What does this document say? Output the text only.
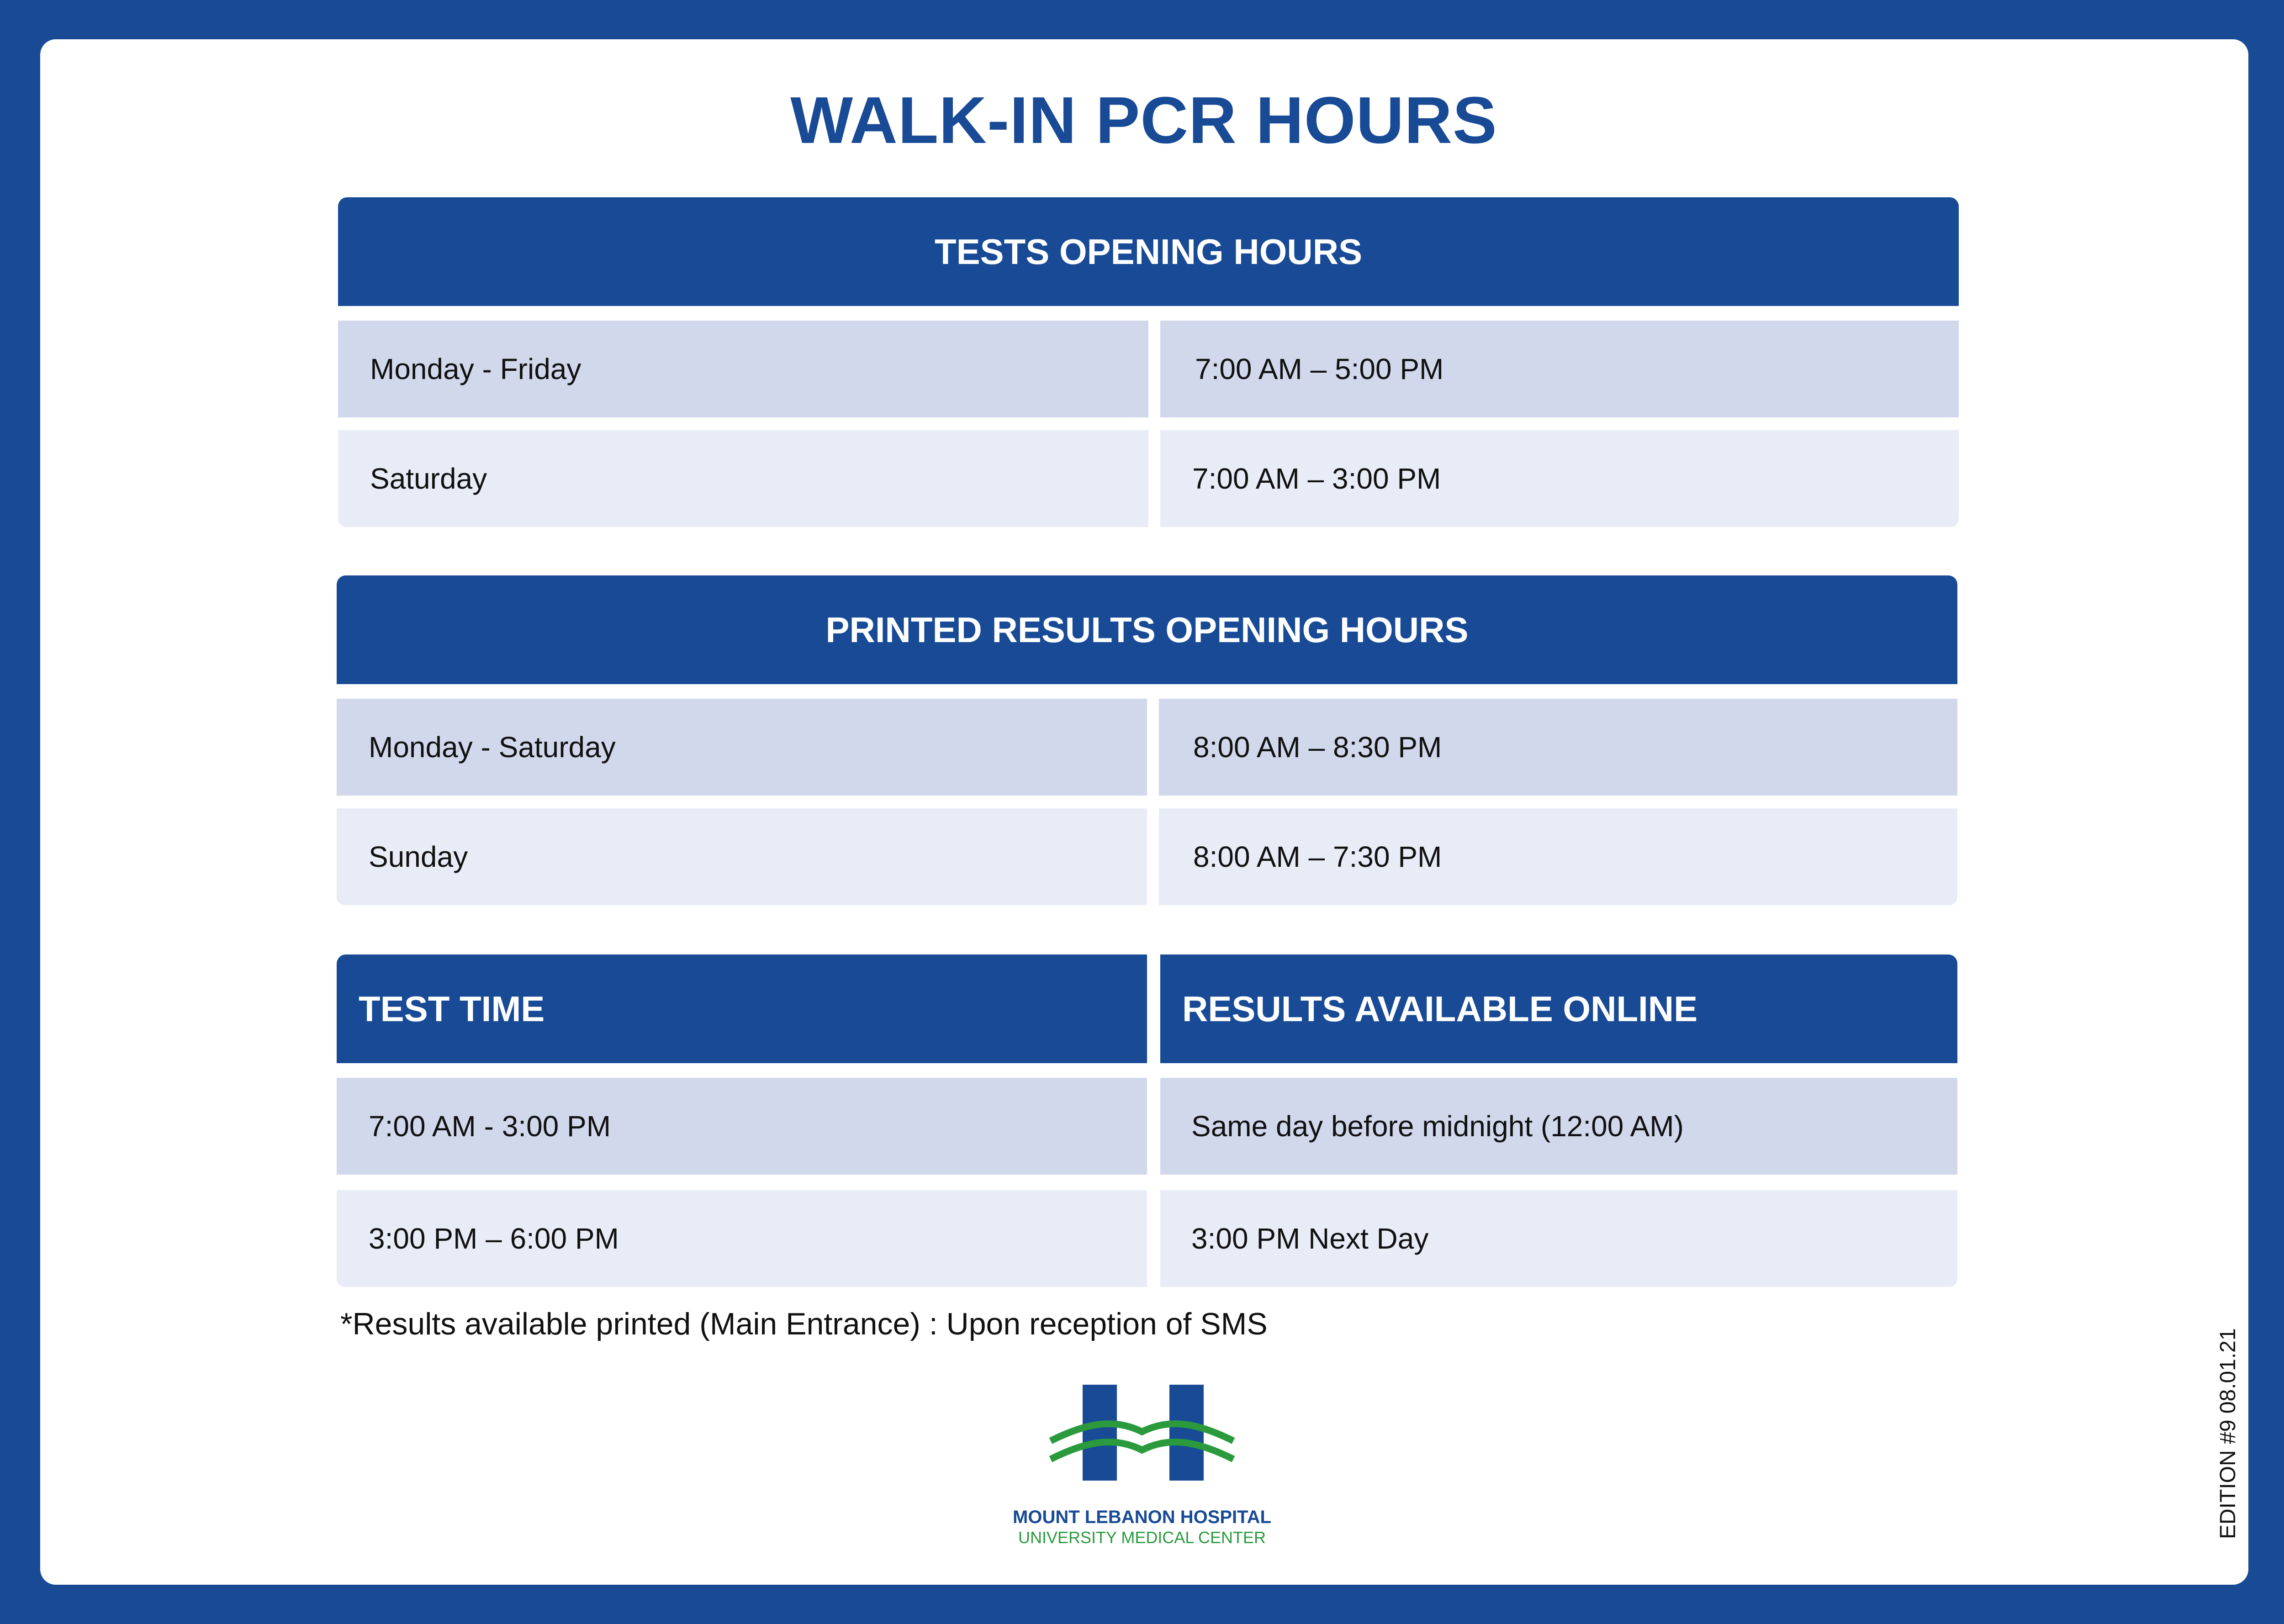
WALK-IN PCR HOURS
TESTS OPENING HOURS
Monday - Friday	7:00 AM – 5:00 PM
Saturday	7:00 AM – 3:00 PM
PRINTED RESULTS OPENING HOURS
Monday - Saturday	8:00 AM – 8:30 PM
Sunday	8:00 AM – 7:30 PM
TEST TIME	RESULTS AVAILABLE ONLINE
7:00 AM - 3:00 PM	Same day before midnight (12:00 AM)
3:00 PM – 6:00 PM	3:00 PM Next Day
*Results available printed (Main Entrance) : Upon reception of SMS
MOUNT LEBANON HOSPITAL
UNIVERSITY MEDICAL CENTER	EDITION #9 08.01.21
